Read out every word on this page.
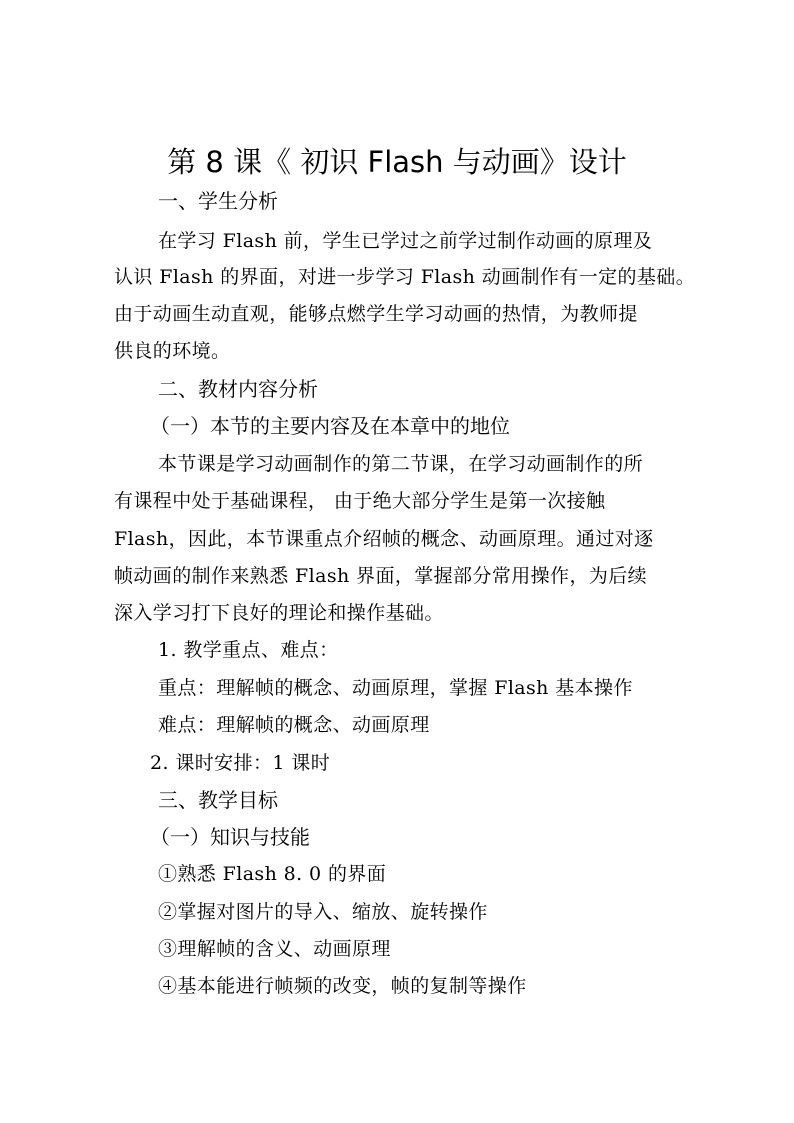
第 8 课《 初识 Flash 与动画》设计
一、学生分析
在学习 Flash 前，学生已学过之前学过制作动画的原理及
认识 Flash 的界面，对进一步学习 Flash 动画制作有一定的基础。
由于动画生动直观，能够点燃学生学习动画的热情，为教师提
供良的环境。
二、教材内容分析
（一）本节的主要内容及在本章中的地位
本节课是学习动画制作的第二节课，在学习动画制作的所
有课程中处于基础课程， 由于绝大部分学生是第一次接触
Flash，因此，本节课重点介绍帧的概念、动画原理。通过对逐
帧动画的制作来熟悉 Flash 界面，掌握部分常用操作，为后续
深入学习打下良好的理论和操作基础。
1. 教学重点、难点：
重点：理解帧的概念、动画原理，掌握 Flash 基本操作
难点：理解帧的概念、动画原理
2. 课时安排：1 课时
三、教学目标
（一）知识与技能
①熟悉 Flash 8. 0 的界面
②掌握对图片的导入、缩放、旋转操作
③理解帧的含义、动画原理
④基本能进行帧频的改变，帧的复制等操作
